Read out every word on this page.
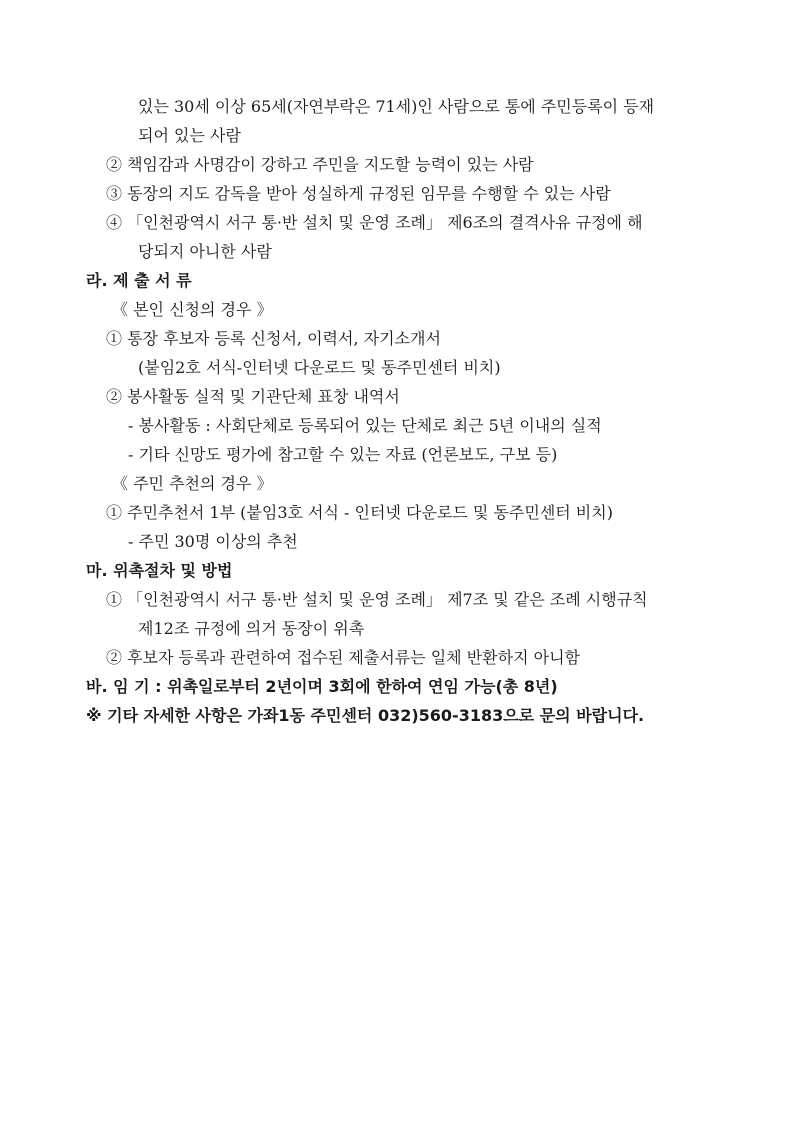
있는 30세 이상 65세(자연부락은 71세)인 사람으로 통에 주민등록이 등재
되어 있는 사람
② 책임감과 사명감이 강하고 주민을 지도할 능력이 있는 사람
③ 동장의 지도 감독을 받아 성실하게 규정된 임무를 수행할 수 있는 사람
④ 「인천광역시 서구 통·반 설치 및 운영 조례」 제6조의 결격사유 규정에 해
당되지 아니한 사람
라. 제 출 서 류
《 본인 신청의 경우 》
① 통장 후보자 등록 신청서, 이력서, 자기소개서
(붙임2호 서식-인터넷 다운로드 및 동주민센터 비치)
② 봉사활동 실적 및 기관단체 표창 내역서
- 봉사활동 : 사회단체로 등록되어 있는 단체로 최근 5년 이내의 실적
- 기타 신망도 평가에 참고할 수 있는 자료 (언론보도, 구보 등)
《 주민 추천의 경우 》
① 주민추천서 1부 (붙임3호 서식 - 인터넷 다운로드 및 동주민센터 비치)
- 주민 30명 이상의 추천
마. 위촉절차 및 방법
① 「인천광역시 서구 통·반 설치 및 운영 조례」 제7조 및 같은 조례 시행규칙
제12조 규정에 의거 동장이 위촉
② 후보자 등록과 관련하여 접수된 제출서류는 일체 반환하지 아니함
바. 임 기 : 위촉일로부터 2년이며 3회에 한하여 연임 가능(총 8년)
※ 기타 자세한 사항은 가좌1동 주민센터 032)560-3183으로 문의 바랍니다.
